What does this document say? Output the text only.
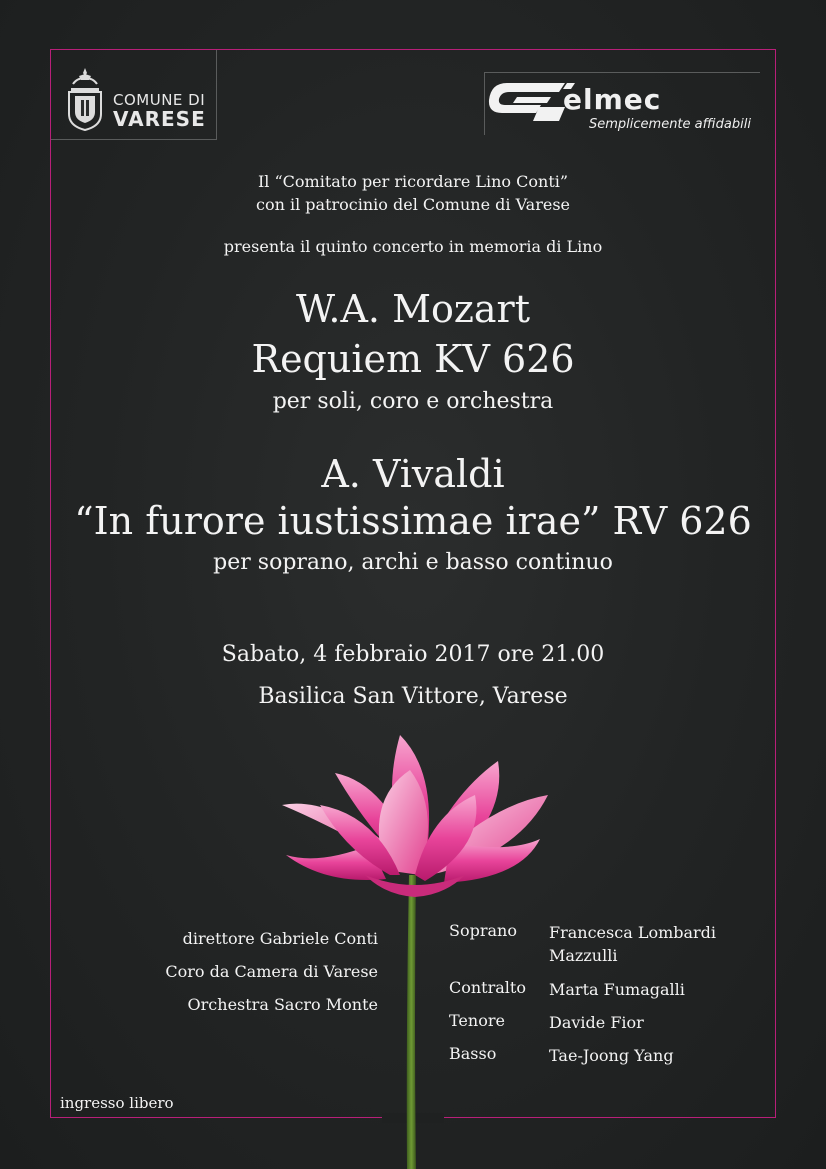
COMUNE DI
VARESE
elmec
Semplicemente affidabili
Il “Comitato per ricordare Lino Conti”
con il patrocinio del Comune di Varese
presenta il quinto concerto in memoria di Lino
W.A. Mozart
Requiem KV 626
per soli, coro e orchestra
A. Vivaldi
“In furore iustissimae irae” RV 626
per soprano, archi e basso continuo
Sabato, 4 febbraio 2017 ore 21.00
Basilica San Vittore, Varese
direttore Gabriele Conti
Coro da Camera di Varese
Orchestra Sacro Monte
Soprano Francesca Lombardi Mazzulli
Contralto Marta Fumagalli
Tenore	Davide Fior
Basso	Tae-Joong Yang
ingresso libero
